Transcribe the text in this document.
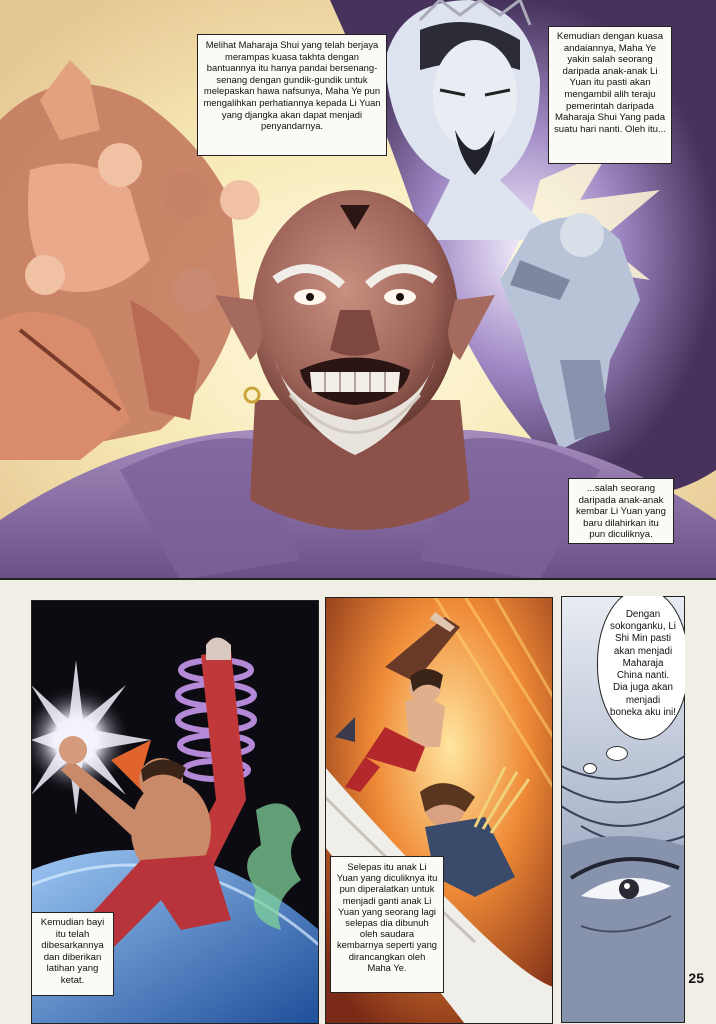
Melihat Maharaja Shui yang telah berjaya merampas kuasa takhta dengan bantuannya itu hanya pandai bersenang-senang dengan gundik-gundik untuk melepaskan hawa nafsunya, Maha Ye pun mengalihkan perhatiannya kepada Li Yuan yang djangka akan dapat menjadi penyandarnya.
Kemudian dengan kuasa andaiannya, Maha Ye yakin salah seorang daripada anak-anak Li Yuan itu pasti akan mengambil alih teraju pemerintah daripada Maharaja Shui Yang pada suatu hari nanti. Oleh itu...
...salah seorang daripada anak-anak kembar Li Yuan yang baru dilahirkan itu pun diculiknya.
Kemudian bayi itu telah dibesarkannya dan diberikan latihan yang ketat.
Selepas itu anak Li Yuan yang diculiknya itu pun diperalatkan untuk menjadi ganti anak Li Yuan yang seorang lagi selepas dia dibunuh oleh saudara kembarnya seperti yang dirancangkan oleh Maha Ye.
Dengan sokonganku, Li Shi Min pasti akan menjadi Maharaja China nanti. Dia juga akan menjadi boneka aku ini!
25
